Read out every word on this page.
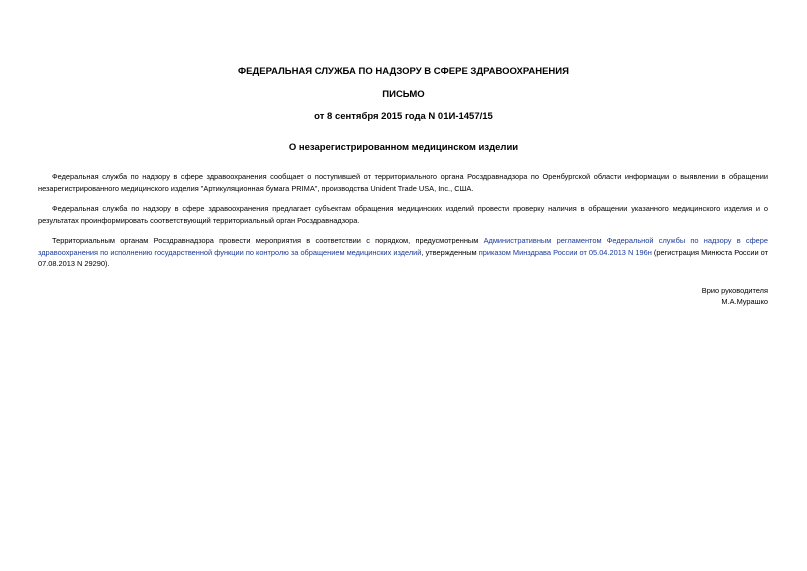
ФЕДЕРАЛЬНАЯ СЛУЖБА ПО НАДЗОРУ В СФЕРЕ ЗДРАВООХРАНЕНИЯ
ПИСЬМО
от 8 сентября 2015 года N 01И-1457/15
О незарегистрированном медицинском изделии

Федеральная служба по надзору в сфере здравоохранения сообщает о поступившей от территориального органа Росздравнадзора по Оренбургской области информации о выявлении в обращении незарегистрированного медицинского изделия "Артикуляционная бумага PRIMA", производства Unident Trade USA, Inc., США.

Федеральная служба по надзору в сфере здравоохранения предлагает субъектам обращения медицинских изделий провести проверку наличия в обращении указанного медицинского изделия и о результатах проинформировать соответствующий территориальный орган Росздравнадзора.

Территориальным органам Росздравнадзора провести мероприятия в соответствии с порядком, предусмотренным Административным регламентом Федеральной службы по надзору в сфере здравоохранения по исполнению государственной функции по контролю за обращением медицинских изделий, утвержденным приказом Минздрава России от 05.04.2013 N 196н (регистрация Минюста России от 07.08.2013 N 29290).

Врио руководителя
М.А.Мурашко
